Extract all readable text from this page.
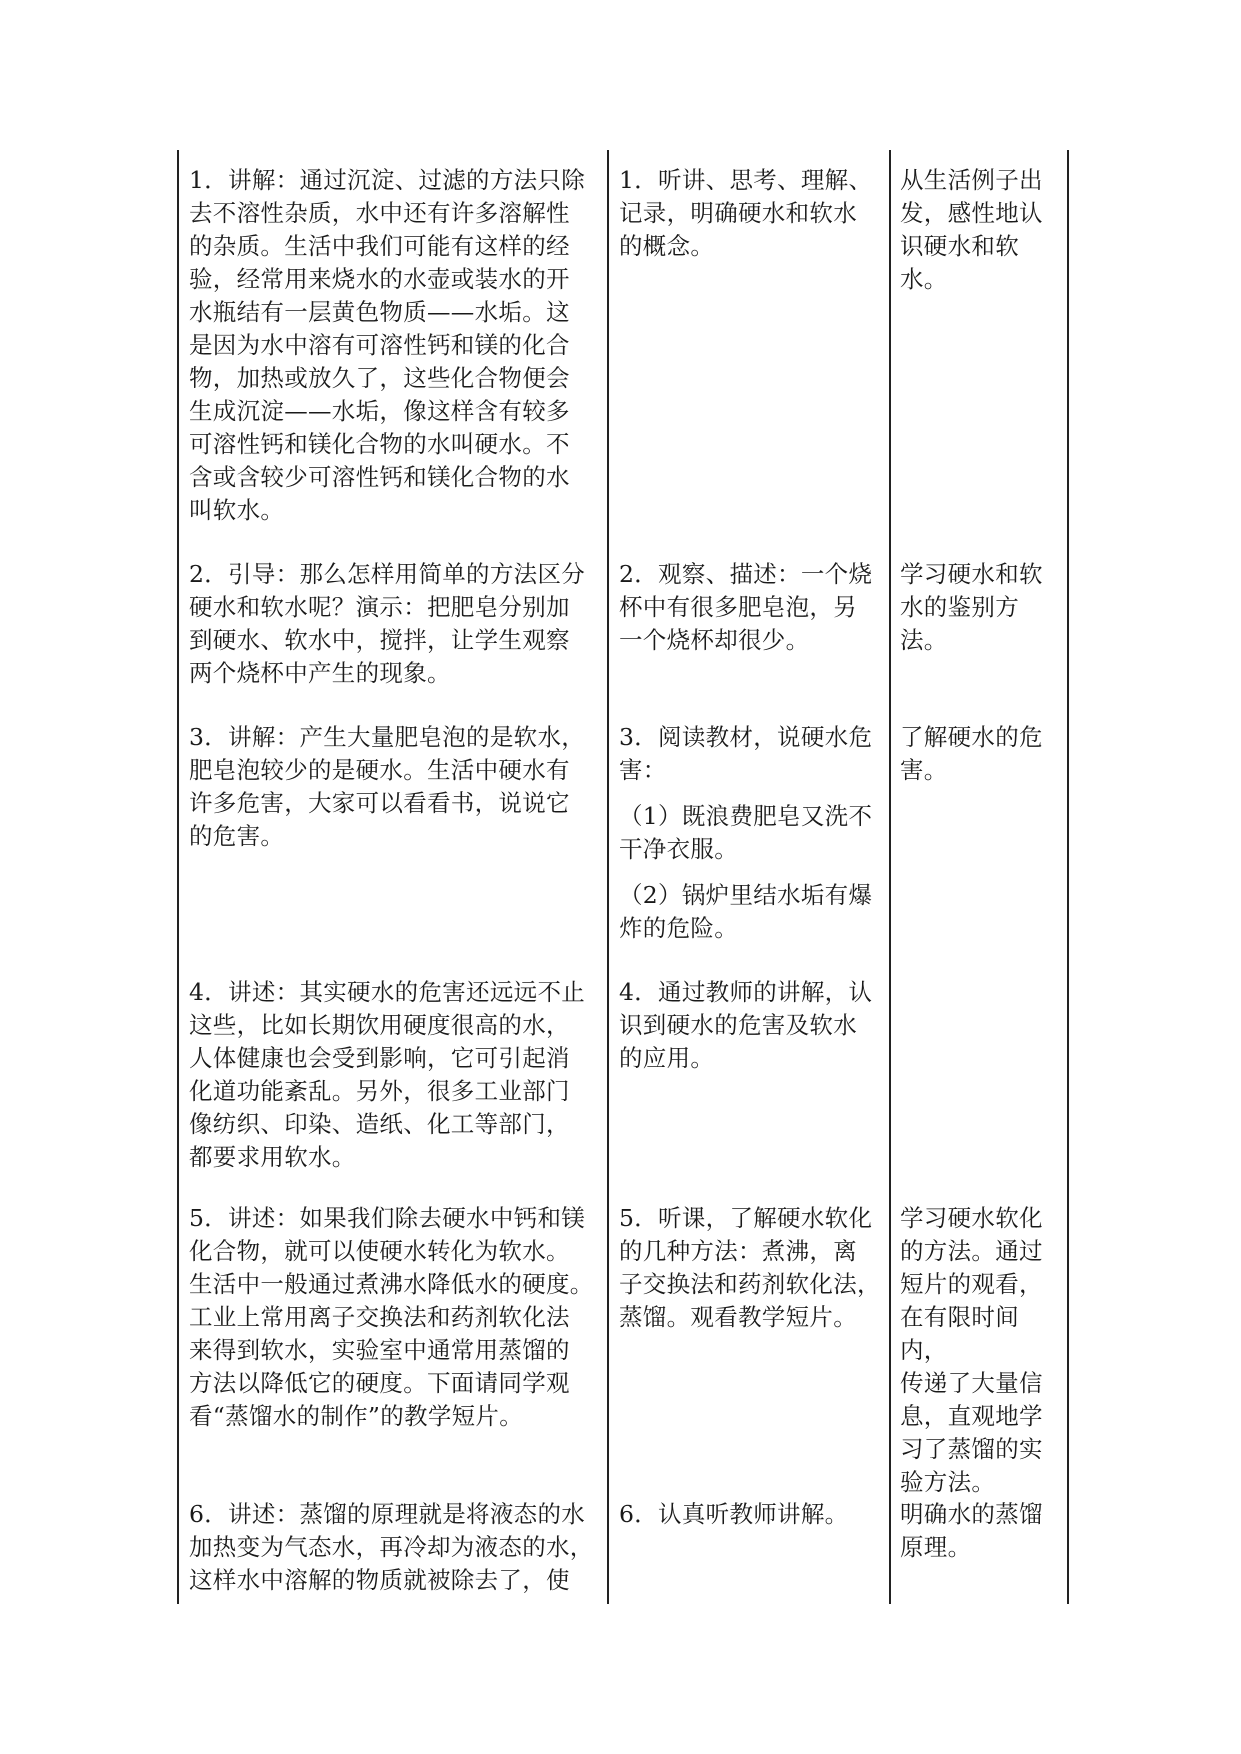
1．讲解：通过沉淀、过滤的方法只除
去不溶性杂质，水中还有许多溶解性
的杂质。生活中我们可能有这样的经
验，经常用来烧水的水壶或装水的开
水瓶结有一层黄色物质——水垢。这
是因为水中溶有可溶性钙和镁的化合
物，加热或放久了，这些化合物便会
生成沉淀——水垢，像这样含有较多
可溶性钙和镁化合物的水叫硬水。不
含或含较少可溶性钙和镁化合物的水
叫软水。
1．听讲、思考、理解、
记录，明确硬水和软水
的概念。
从生活例子出
发，感性地认
识硬水和软水。
2．引导：那么怎样用简单的方法区分
硬水和软水呢？演示：把肥皂分别加
到硬水、软水中，搅拌，让学生观察
两个烧杯中产生的现象。
2．观察、描述：一个烧
杯中有很多肥皂泡，另
一个烧杯却很少。
学习硬水和软
水的鉴别方法。
3．讲解：产生大量肥皂泡的是软水，
肥皂泡较少的是硬水。生活中硬水有
许多危害，大家可以看看书，说说它
的危害。
3．阅读教材，说硬水危
害：
（1）既浪费肥皂又洗不
干净衣服。
（2）锅炉里结水垢有爆
炸的危险。
了解硬水的危
害。
4．讲述：其实硬水的危害还远远不止
这些，比如长期饮用硬度很高的水，
人体健康也会受到影响，它可引起消
化道功能紊乱。另外，很多工业部门
像纺织、印染、造纸、化工等部门，
都要求用软水。
4．通过教师的讲解，认
识到硬水的危害及软水
的应用。
5．讲述：如果我们除去硬水中钙和镁
化合物，就可以使硬水转化为软水。
生活中一般通过煮沸水降低水的硬度。
工业上常用离子交换法和药剂软化法
来得到软水，实验室中通常用蒸馏的
方法以降低它的硬度。下面请同学观
看“蒸馏水的制作”的教学短片。
5．听课，了解硬水软化
的几种方法：煮沸，离
子交换法和药剂软化法，
蒸馏。观看教学短片。
学习硬水软化
的方法。通过
短片的观看，
在有限时间内，
传递了大量信
息，直观地学
习了蒸馏的实
验方法。
6．讲述：蒸馏的原理就是将液态的水
加热变为气态水，再冷却为液态的水，
这样水中溶解的物质就被除去了，使
6．认真听教师讲解。	明确水的蒸馏
原理。
